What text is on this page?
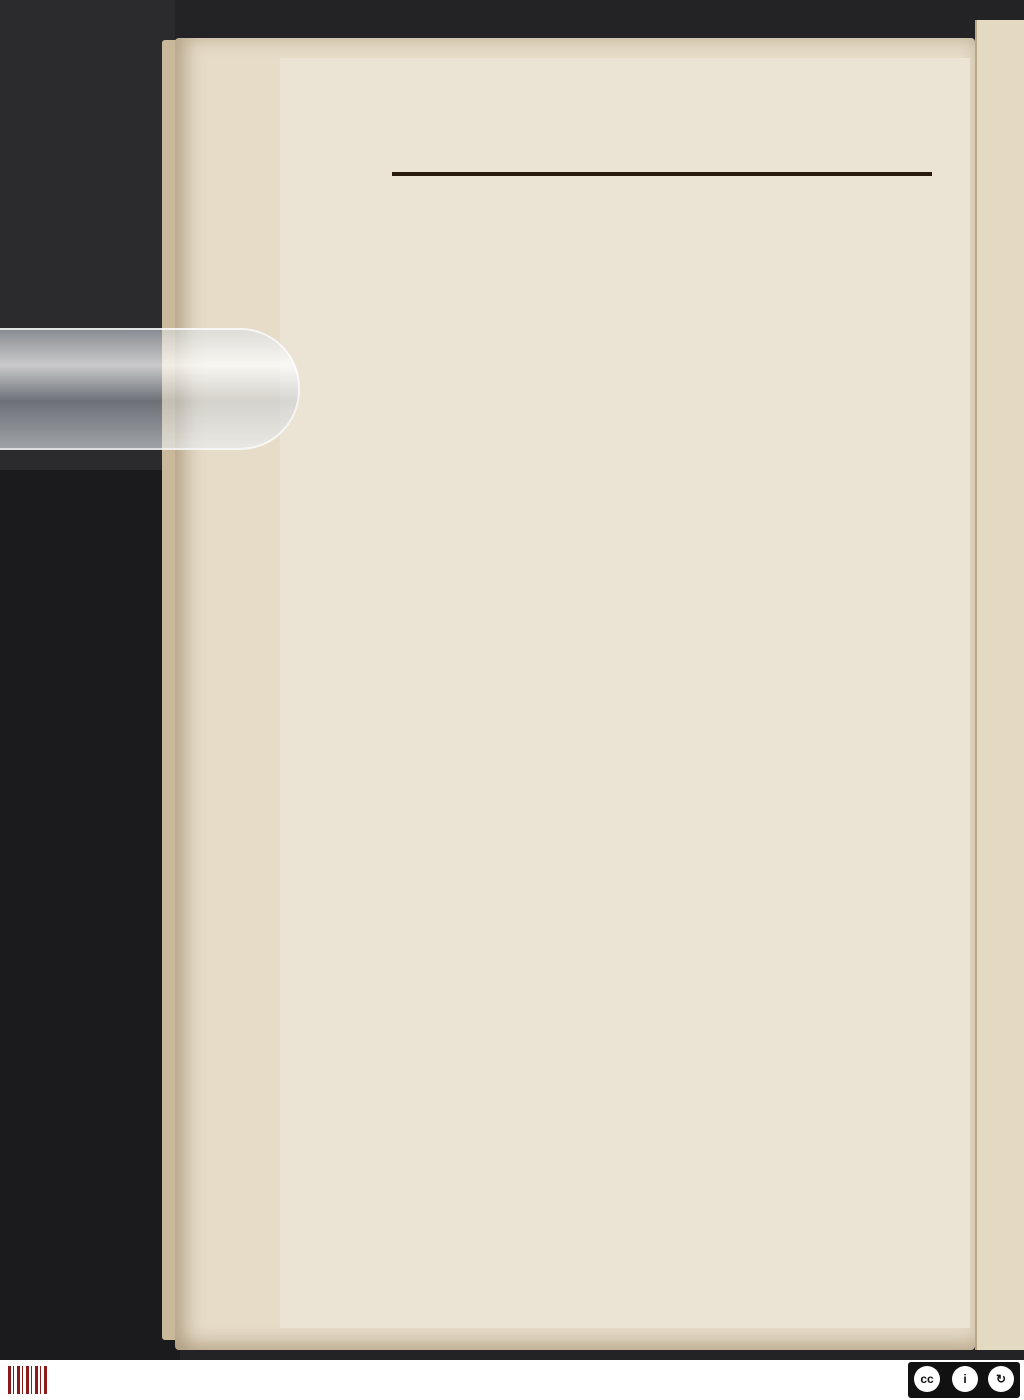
cc	i	↻
